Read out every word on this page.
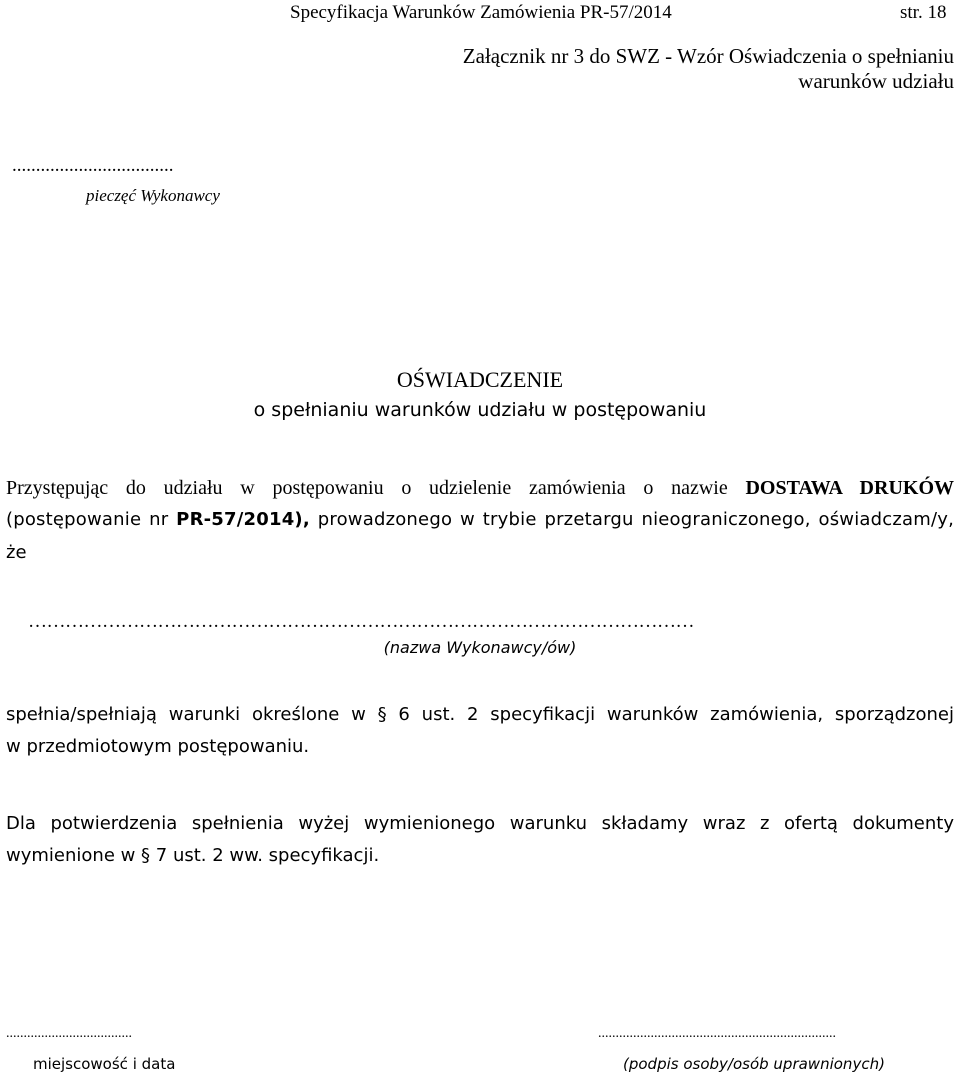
Specyfikacja Warunków Zamówienia PR-57/2014	str. 18
Załącznik nr 3 do SWZ - Wzór Oświadczenia o spełnianiu
warunków udziału
..................................
pieczęć Wykonawcy
OŚWIADCZENIE
o spełnianiu warunków udziału w postępowaniu
Przystępując do udziału w postępowaniu o udzielenie zamówienia o nazwie DOSTAWA DRUKÓW
(postępowanie nr PR-57/2014), prowadzonego w trybie przetargu nieograniczonego, oświadczam/y,
że
………………………………………………………………………………………………
(nazwa Wykonawcy/ów)
spełnia/spełniają warunki określone w § 6 ust. 2 specyfikacji warunków zamówienia, sporządzonej
w przedmiotowym postępowaniu.
Dla potwierdzenia spełnienia wyżej wymienionego warunku składamy wraz z ofertą dokumenty
wymienione w § 7 ust. 2 ww. specyfikacji.
....................................
miejscowość i data
....................................................................
(podpis osoby/osób uprawnionych)
